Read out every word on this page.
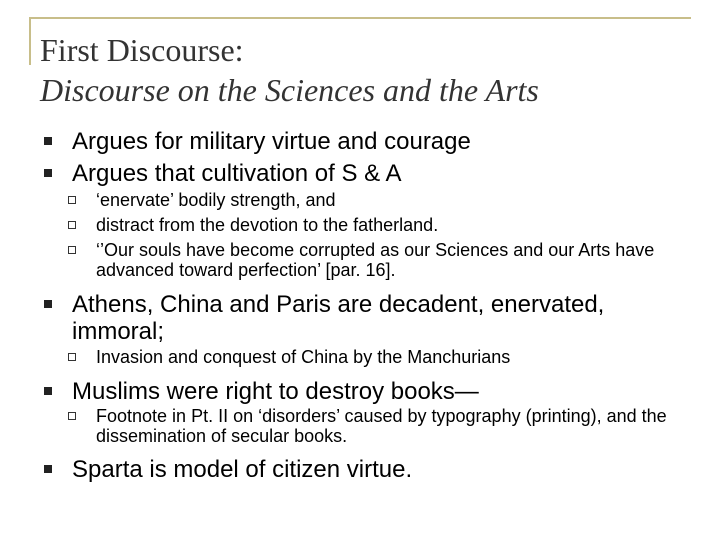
First Discourse:
Discourse on the Sciences and the Arts
Argues for military virtue and courage
Argues that cultivation of S & A
‘enervate’ bodily strength, and
distract from the devotion to the fatherland.
‘’Our souls have become corrupted as our Sciences and our Arts have advanced toward perfection’ [par. 16].
Athens, China and Paris are decadent, enervated, immoral;
Invasion and conquest of China by the Manchurians
Muslims were right to destroy books—
Footnote in Pt. II on ‘disorders’ caused by typography (printing), and the dissemination of secular books.
Sparta is model of citizen virtue.
